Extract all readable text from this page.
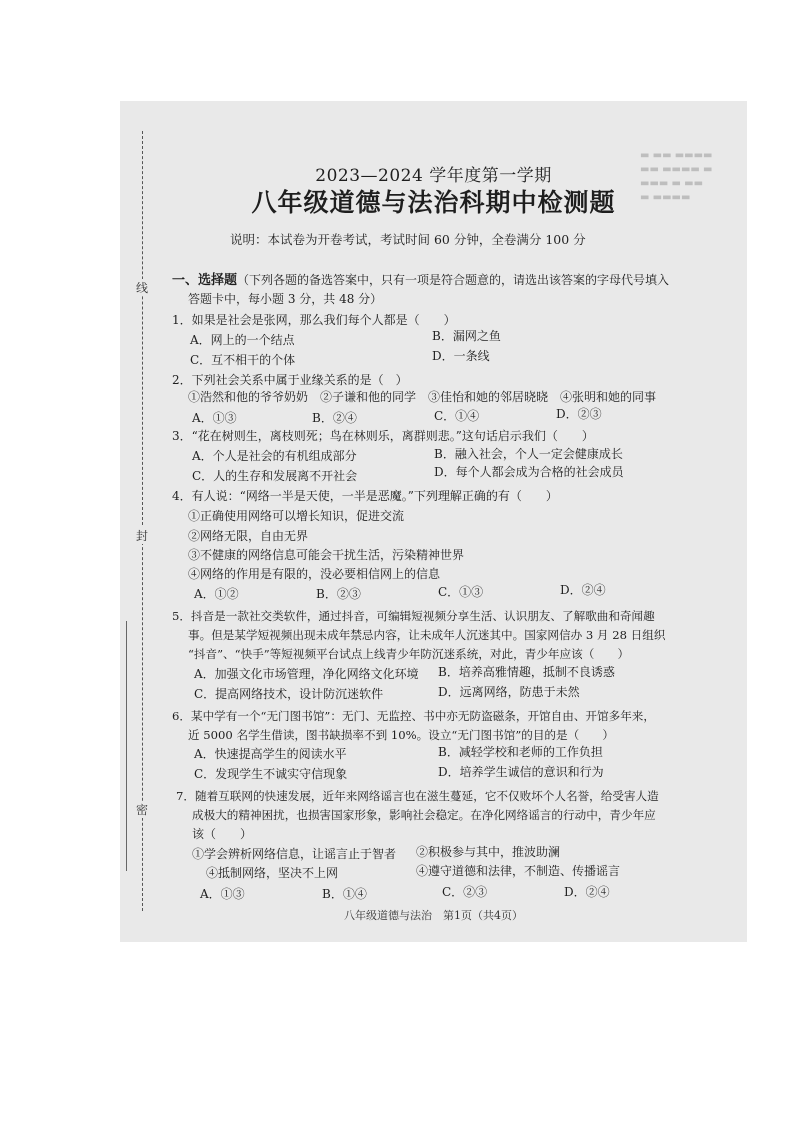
▬ ▬▬ ▬▬▬▬
▬▬ ▬▬▬▬ ▬
▬▬▬ ▬ ▬▬
▬ ▬▬▬▬
线
封
密
2023—2024 学年度第一学期
八年级道德与法治科期中检测题
说明：本试卷为开卷考试，考试时间 60 分钟，全卷满分 100 分
一、选择题（下列各题的备选答案中，只有一项是符合题意的，请选出该答案的字母代号填入
答题卡中，每小题 3 分，共 48 分）
1．如果是社会是张网，那么我们每个人都是（　　）
A．网上的一个结点	B．漏网之鱼
C．互不相干的个体	D．一条线
2．下列社会关系中属于业缘关系的是（　）
①浩然和他的爷爷奶奶　②子谦和他的同学　③佳怡和她的邻居晓晓　④张明和她的同事
A．①③	B．②④	C．①④	D．②③
3．“花在树则生，离枝则死；鸟在林则乐，离群则悲。”这句话启示我们（　　）
A．个人是社会的有机组成部分	B．融入社会，个人一定会健康成长
C．人的生存和发展离不开社会	D．每个人都会成为合格的社会成员
4．有人说：“网络一半是天使，一半是恶魔。”下列理解正确的有（　　）
①正确使用网络可以增长知识，促进交流
②网络无限，自由无界
③不健康的网络信息可能会干扰生活，污染精神世界
④网络的作用是有限的，没必要相信网上的信息
A．①②	B．②③	C．①③	D．②④
5．抖音是一款社交类软件，通过抖音，可编辑短视频分享生活、认识朋友、了解歌曲和奇闻趣
事。但是某学短视频出现未成年禁忌内容，让未成年人沉迷其中。国家网信办 3 月 28 日组织
“抖音”、“快手”等短视频平台试点上线青少年防沉迷系统，对此，青少年应该（　　）
A．加强文化市场管理，净化网络文化环境 B．培养高雅情趣，抵制不良诱惑
C．提高网络技术，设计防沉迷软件	D．远离网络，防患于未然
6．某中学有一个“无门图书馆”：无门、无监控、书中亦无防盗磁条，开馆自由、开馆多年来，
近 5000 名学生借读，图书缺损率不到 10%。设立“无门图书馆”的目的是（　　）
A．快速提高学生的阅读水平	B．减轻学校和老师的工作负担
C．发现学生不诚实守信现象	D．培养学生诚信的意识和行为
7．随着互联网的快速发展，近年来网络谣言也在滋生蔓延，它不仅败坏个人名誉，给受害人造
成极大的精神困扰，也损害国家形象，影响社会稳定。在净化网络谣言的行动中，青少年应
该（　　）
①学会辨析网络信息，让谣言止于智者 ②积极参与其中，推波助澜
④抵制网络，坚决不上网	④遵守道德和法律，不制造、传播谣言
A．①③	B．①④	C．②③	D．②④
八年级道德与法治　第1页（共4页）
